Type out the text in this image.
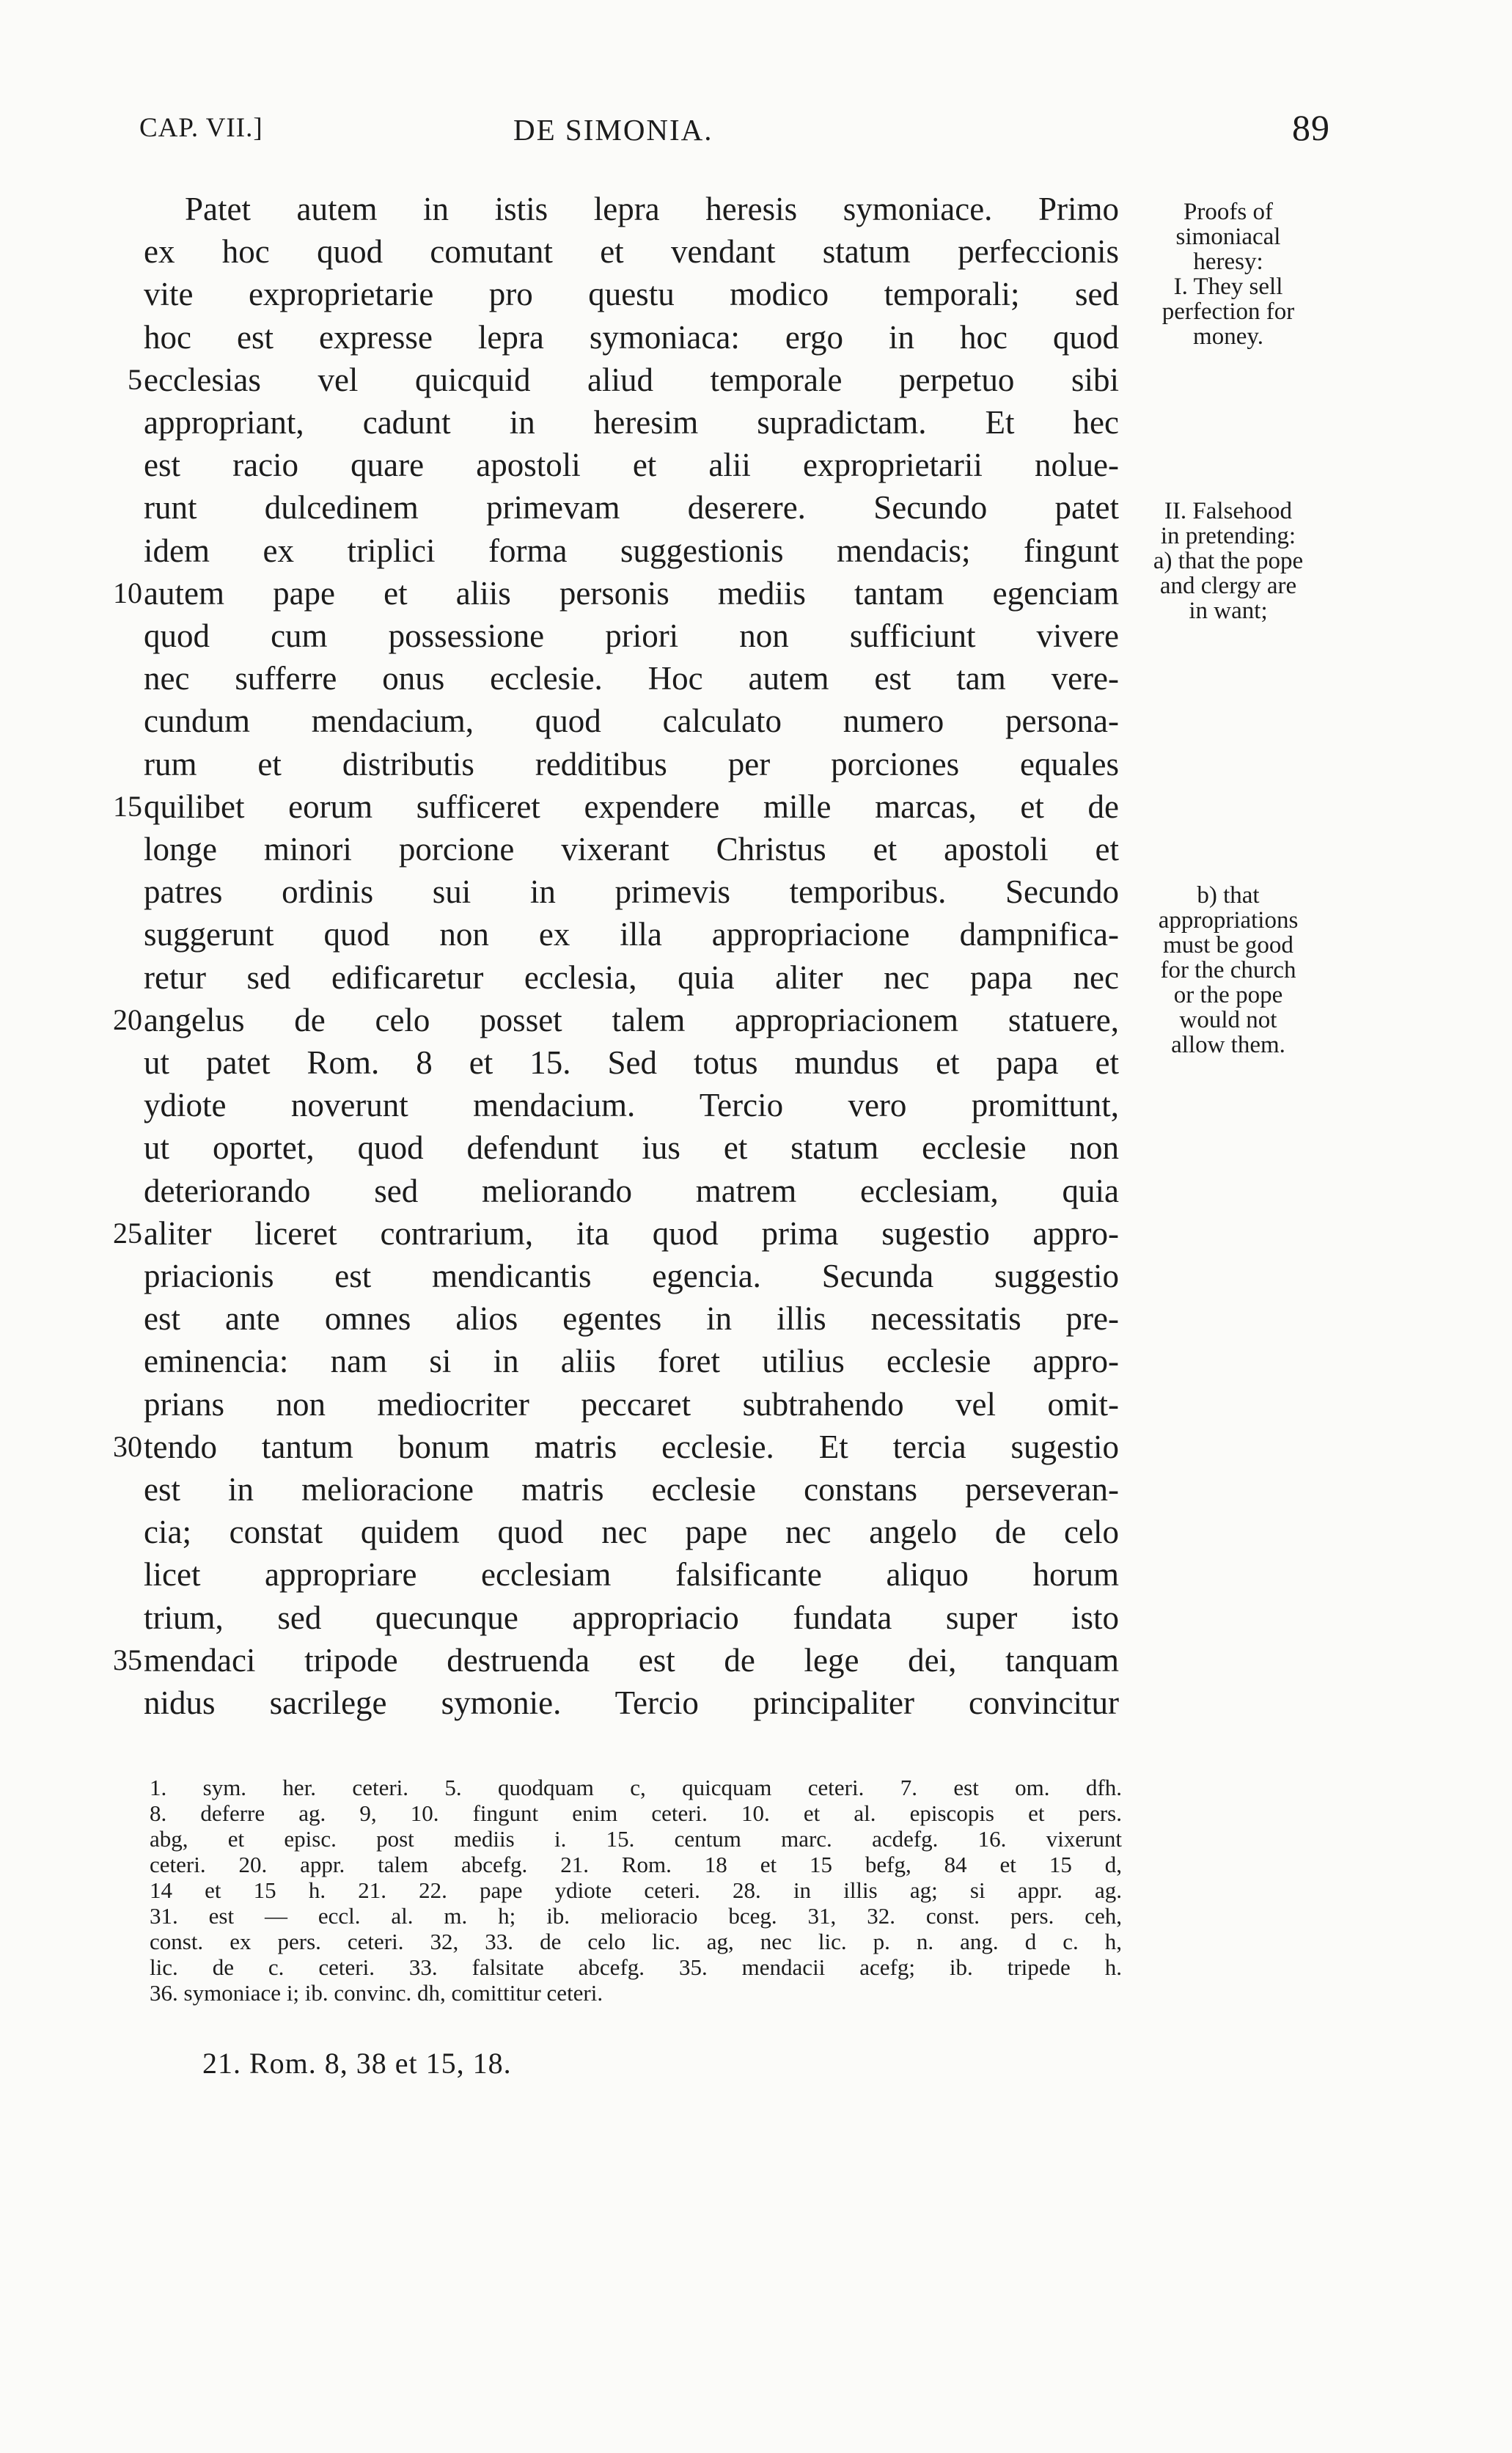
CAP. VII.]	DE SIMONIA.	89
Patet autem in istis lepra heresis symoniace. Primo
ex hoc quod comutant et vendant statum perfeccionis
vite exproprietarie pro questu modico temporali; sed
hoc est expresse lepra symoniaca: ergo in hoc quod
5 ecclesias vel quicquid aliud temporale perpetuo sibi
appropriant, cadunt in heresim supradictam. Et hec
est racio quare apostoli et alii exproprietarii nolue-
runt dulcedinem primevam deserere. Secundo patet
idem ex triplici forma suggestionis mendacis; fingunt
10 autem pape et aliis personis mediis tantam egenciam
quod cum possessione priori non sufficiunt vivere
nec sufferre onus ecclesie. Hoc autem est tam vere-
cundum mendacium, quod calculato numero persona-
rum et distributis redditibus per porciones equales
15 quilibet eorum sufficeret expendere mille marcas, et de
longe minori porcione vixerant Christus et apostoli et
patres ordinis sui in primevis temporibus. Secundo
suggerunt quod non ex illa appropriacione dampnifica-
retur sed edificaretur ecclesia, quia aliter nec papa nec
20 angelus de celo posset talem appropriacionem statuere,
ut patet Rom. 8 et 15. Sed totus mundus et papa et
ydiote noverunt mendacium. Tercio vero promittunt,
ut oportet, quod defendunt ius et statum ecclesie non
deteriorando sed meliorando matrem ecclesiam, quia
25 aliter liceret contrarium, ita quod prima sugestio appro-
priacionis est mendicantis egencia. Secunda suggestio
est ante omnes alios egentes in illis necessitatis pre-
eminencia: nam si in aliis foret utilius ecclesie appro-
prians non mediocriter peccaret subtrahendo vel omit-
30 tendo tantum bonum matris ecclesie. Et tercia sugestio
est in melioracione matris ecclesie constans perseveran-
cia; constat quidem quod nec pape nec angelo de celo
licet appropriare ecclesiam falsificante aliquo horum
trium, sed quecunque appropriacio fundata super isto
35 mendaci tripode destruenda est de lege dei, tanquam
nidus sacrilege symonie. Tercio principaliter convincitur
Proofs of
simoniacal
heresy:
I. They sell
perfection for
money.
II. Falsehood
in pretending:
a) that the pope
and clergy are
in want;
b) that
appropriations
must be good
for the church
or the pope
would not
allow them.
1. sym. her. ceteri. 5. quodquam c, quicquam ceteri. 7. est om. dfh.
8. deferre ag. 9, 10. fingunt enim ceteri. 10. et al. episcopis et pers.
abg, et episc. post mediis i. 15. centum marc. acdefg. 16. vixerunt
ceteri. 20. appr. talem abcefg. 21. Rom. 18 et 15 befg, 84 et 15 d,
14 et 15 h. 21. 22. pape ydiote ceteri. 28. in illis ag; si appr. ag.
31. est — eccl. al. m. h; ib. melioracio bceg. 31, 32. const. pers. ceh,
const. ex pers. ceteri. 32, 33. de celo lic. ag, nec lic. p. n. ang. d c. h,
lic. de c. ceteri. 33. falsitate abcefg. 35. mendacii acefg; ib. tripede h.
36. symoniace i; ib. convinc. dh, comittitur ceteri.
21. Rom. 8, 38 et 15, 18.
